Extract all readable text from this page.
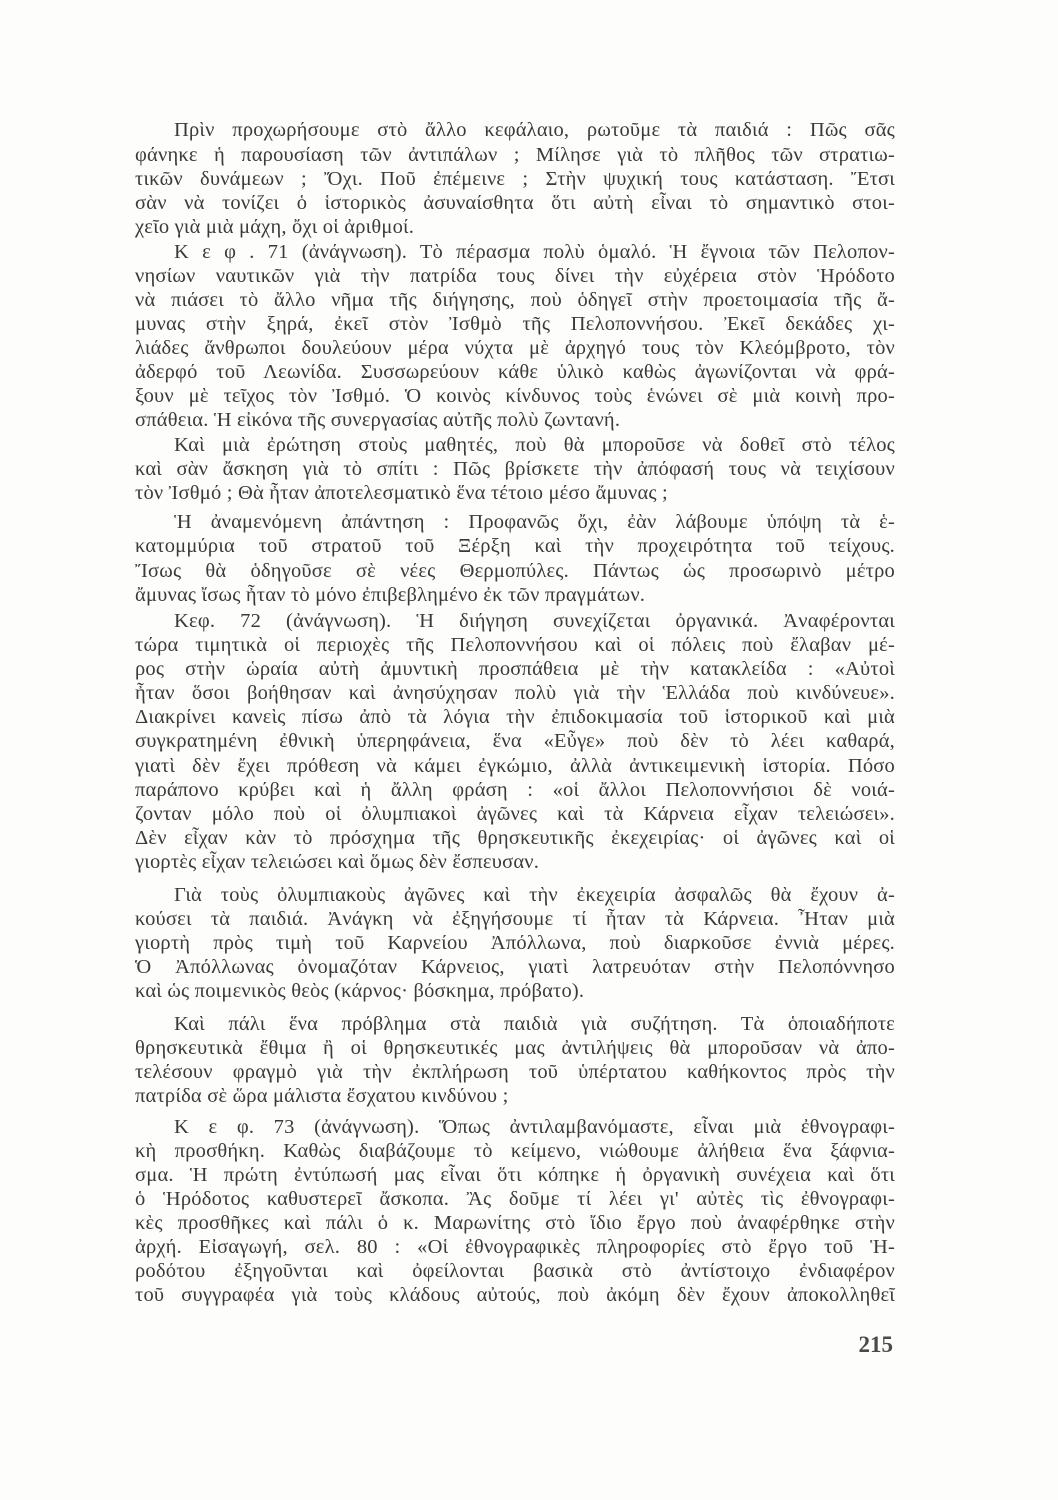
Πρὶν προχωρήσουμε στὸ ἄλλο κεφάλαιο, ρωτοῦμε τὰ παιδιά : Πῶς σᾶς
φάνηκε ἡ παρουσίαση τῶν ἀντιπάλων ; Μίλησε γιὰ τὸ πλῆθος τῶν στρατιω-
τικῶν δυνάμεων ; Ὄχι. Ποῦ ἐπέμεινε ; Στὴν ψυχική τους κατάσταση. Ἔτσι
σὰν νὰ τονίζει ὁ ἱστορικὸς ἀσυναίσθητα ὅτι αὐτὴ εἶναι τὸ σημαντικὸ στοι-
χεῖο γιὰ μιὰ μάχη, ὄχι οἱ ἀριθμοί.
Κ ε φ . 71 (ἀνάγνωση). Τὸ πέρασμα πολὺ ὁμαλό. Ἡ ἔγνοια τῶν Πελοπον-
νησίων ναυτικῶν γιὰ τὴν πατρίδα τους δίνει τὴν εὐχέρεια στὸν Ἡρόδοτο
νὰ πιάσει τὸ ἄλλο νῆμα τῆς διήγησης, ποὺ ὁδηγεῖ στὴν προετοιμασία τῆς ἄ-
μυνας στὴν ξηρά, ἐκεῖ στὸν Ἰσθμὸ τῆς Πελοποννήσου. Ἐκεῖ δεκάδες χι-
λιάδες ἄνθρωποι δουλεύουν μέρα νύχτα μὲ ἀρχηγό τους τὸν Κλεόμβροτο, τὸν
ἀδερφό τοῦ Λεωνίδα. Συσσωρεύουν κάθε ὑλικὸ καθὼς ἀγωνίζονται νὰ φρά-
ξουν μὲ τεῖχος τὸν Ἰσθμό. Ὁ κοινὸς κίνδυνος τοὺς ἑνώνει σὲ μιὰ κοινὴ προ-
σπάθεια. Ἡ εἰκόνα τῆς συνεργασίας αὐτῆς πολὺ ζωντανή.
Καὶ μιὰ ἐρώτηση στοὺς μαθητές, ποὺ θὰ μποροῦσε νὰ δοθεῖ στὸ τέλος
καὶ σὰν ἄσκηση γιὰ τὸ σπίτι : Πῶς βρίσκετε τὴν ἀπόφασή τους νὰ τειχίσουν
τὸν Ἰσθμό ; Θὰ ἦταν ἀποτελεσματικὸ ἕνα τέτοιο μέσο ἄμυνας ;
Ἡ ἀναμενόμενη ἀπάντηση : Προφανῶς ὄχι, ἐὰν λάβουμε ὑπόψη τὰ ἑ-
κατομμύρια τοῦ στρατοῦ τοῦ Ξέρξη καὶ τὴν προχειρότητα τοῦ τείχους.
Ἴσως θὰ ὁδηγοῦσε σὲ νέες Θερμοπύλες. Πάντως ὡς προσωρινὸ μέτρο
ἄμυνας ἴσως ἦταν τὸ μόνο ἐπιβεβλημένο ἐκ τῶν πραγμάτων.
Κεφ. 72 (ἀνάγνωση). Ἡ διήγηση συνεχίζεται ὀργανικά. Ἀναφέρονται
τώρα τιμητικὰ οἱ περιοχὲς τῆς Πελοποννήσου καὶ οἱ πόλεις ποὺ ἔλαβαν μέ-
ρος στὴν ὡραία αὐτὴ ἀμυντικὴ προσπάθεια μὲ τὴν κατακλείδα : «Αὐτοὶ
ἦταν ὅσοι βοήθησαν καὶ ἀνησύχησαν πολὺ γιὰ τὴν Ἑλλάδα ποὺ κινδύνευε».
Διακρίνει κανεὶς πίσω ἀπὸ τὰ λόγια τὴν ἐπιδοκιμασία τοῦ ἱστορικοῦ καὶ μιὰ
συγκρατημένη ἐθνικὴ ὑπερηφάνεια, ἕνα «Εὖγε» ποὺ δὲν τὸ λέει καθαρά,
γιατὶ δὲν ἔχει πρόθεση νὰ κάμει ἐγκώμιο, ἀλλὰ ἀντικειμενικὴ ἱστορία. Πόσο
παράπονο κρύβει καὶ ἡ ἄλλη φράση : «οἱ ἄλλοι Πελοποννήσιοι δὲ νοιά-
ζονταν μόλο ποὺ οἱ ὀλυμπιακοὶ ἀγῶνες καὶ τὰ Κάρνεια εἶχαν τελειώσει».
Δὲν εἶχαν κὰν τὸ πρόσχημα τῆς θρησκευτικῆς ἐκεχειρίας· οἱ ἀγῶνες καὶ οἱ
γιορτὲς εἶχαν τελειώσει καὶ ὅμως δὲν ἔσπευσαν.
Γιὰ τοὺς ὀλυμπιακοὺς ἀγῶνες καὶ τὴν ἐκεχειρία ἀσφαλῶς θὰ ἔχουν ἀ-
κούσει τὰ παιδιά. Ἀνάγκη νὰ ἐξηγήσουμε τί ἦταν τὰ Κάρνεια. Ἦταν μιὰ
γιορτὴ πρὸς τιμὴ τοῦ Καρνείου Ἀπόλλωνα, ποὺ διαρκοῦσε ἐννιὰ μέρες.
Ὁ Ἀπόλλωνας ὀνομαζόταν Κάρνειος, γιατὶ λατρευόταν στὴν Πελοπόννησο
καὶ ὡς ποιμενικὸς θεὸς (κάρνος· βόσκημα, πρόβατο).
Καὶ πάλι ἕνα πρόβλημα στὰ παιδιὰ γιὰ συζήτηση. Τὰ ὁποιαδήποτε
θρησκευτικὰ ἔθιμα ἢ οἱ θρησκευτικές μας ἀντιλήψεις θὰ μποροῦσαν νὰ ἀπο-
τελέσουν φραγμὸ γιὰ τὴν ἐκπλήρωση τοῦ ὑπέρτατου καθήκοντος πρὸς τὴν
πατρίδα σὲ ὥρα μάλιστα ἔσχατου κινδύνου ;
Κ ε φ. 73 (ἀνάγνωση). Ὅπως ἀντιλαμβανόμαστε, εἶναι μιὰ ἐθνογραφι-
κὴ προσθήκη. Καθὼς διαβάζουμε τὸ κείμενο, νιώθουμε ἀλήθεια ἕνα ξάφνια-
σμα. Ἡ πρώτη ἐντύπωσή μας εἶναι ὅτι κόπηκε ἡ ὀργανικὴ συνέχεια καὶ ὅτι
ὁ Ἡρόδοτος καθυστερεῖ ἄσκοπα. Ἂς δοῦμε τί λέει γι' αὐτὲς τὶς ἐθνογραφι-
κὲς προσθῆκες καὶ πάλι ὁ κ. Μαρωνίτης στὸ ἴδιο ἔργο ποὺ ἀναφέρθηκε στὴν
ἀρχή. Εἰσαγωγή, σελ. 80 : «Οἱ ἐθνογραφικὲς πληροφορίες στὸ ἔργο τοῦ Ἡ-
ροδότου ἐξηγοῦνται καὶ ὀφείλονται βασικὰ στὸ ἀντίστοιχο ἐνδιαφέρον
τοῦ συγγραφέα γιὰ τοὺς κλάδους αὐτούς, ποὺ ἀκόμη δὲν ἔχουν ἀποκολληθεῖ
215
